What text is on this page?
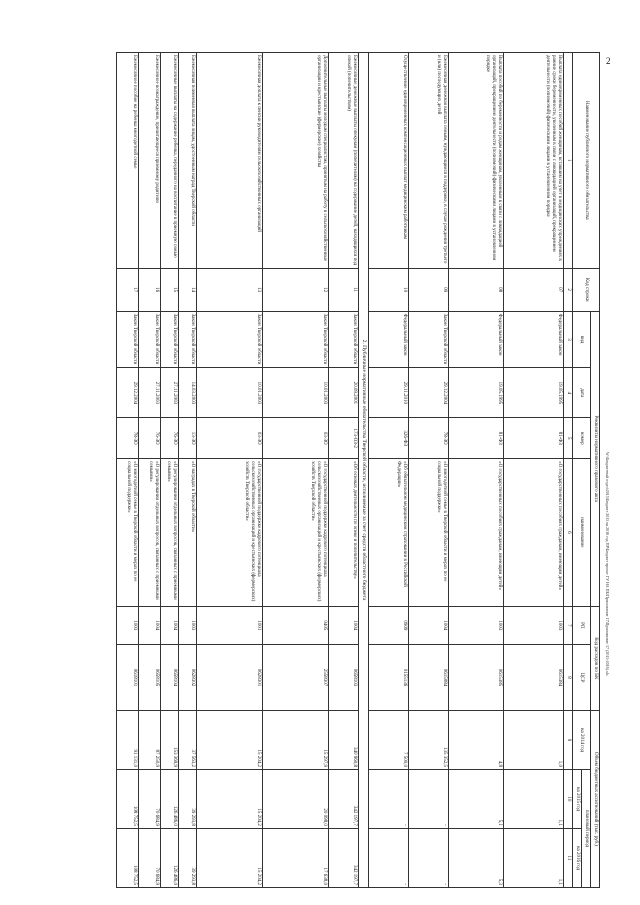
2
W:\Бюджетный отдел\2015\Бюджет 2015 на 2016 год ПР\Бюджет проект ГУ НА ПБ\Приложение 17\Приложение 17 (2015-2016).xls
Наименование публичного нормативного обязательства	Код строки	Реквизиты нормативного правового акта				Код расходов по БК		Объем бюджетных ассигнований (тыс. руб.)		
		вид	дата	номер	наименование	РП	ЦСР	на 2014 год	плановый период	
									на 2015 год	на 2016 год
1	2	3	4	5	6	7	8	9	10	11
Выплата единовременных пособий женщинам, вставшим на учет в медицинских учреждениях в ранние сроки беременности, уволенным в связи с ликвидацией организаций, прекращением деятельности (полномочий) физическими лицами в установленном порядке	07	Федеральный закон	19.05.1995	81-ФЗ	«О государственных пособиях гражданам, имеющим детей»	1003	0615384	1,0	1,1	1,1
Выплата пособий по беременности и родам женщинам, уволенным в связи с ликвидацией организаций, прекращением деятельности (полномочий) физическими лицами в установленном порядке	08	Федеральный закон	19.05.1995	81-ФЗ	«О государственных пособиях гражданам, имеющим детей»	1003	0615385	4,8	5,1	5,3
Ежемесячная денежная выплата семьям, нуждающимся в поддержке, в случае рождения третьего и (или) последующих детей	09	Закон Тверской области	29.12.2004	78-ЗО	«О многодетной семье в Тверской области и мерах по ее социальной поддержке»	1004	0615084	135 352,5	-	-
Осуществление единовременных компенсационных выплат медицинским работникам	10	Федеральный закон	29.11.2010	326-ФЗ	«Об обязательном медицинском страховании в Российской Федерации»	0909	0155136	7 500,0	-	-
2. Публичные нормативные обязательства Тверской области, исполняемые за счет средств областного бюджета										
Ежемесячные денежные выплаты опекунам (попечителям) на содержание детей, находящихся под опекой (попечительством)	11	Закон Тверской области	20.09.2001	173-ОЗ-2	«Об основах деятельности по опеке и попечительству»	1004	0658103	340 960,8	342 197,7	342 197,7
Дополнительные выплаты молодым специалистам, принятым на работу в сельскохозяйственные организации и крестьянские (фермерские) хозяйства	12	Закон Тверской области	10.01.2003	03-ЗО	«О государственной поддержке кадрового потенциала сельскохозяйственных организаций и крестьянских (фермерских) хозяйств Тверской области»	0405	2558307	15 297,9	20 098,0	17 638,0
Ежемесячная доплата к пенсии руководителям сельскохозяйственных организаций	13	Закон Тверской области	10.01.2003	03-ЗО	«О государственной поддержке кадрового потенциала сельскохозяйственных организаций и крестьянских (фермерских) хозяйств Тверской области»	1001	0628301	15 204,2	15 204,2	15 204,2
Ежемесячная поименная выплата лицам, удостоенным наград Тверской области	14	Закон Тверской области	14.03.2003	13-ЗО	«О наградах в Тверской области»	1003	0628302	37 563,2	39 293,8	39 293,8
Ежемесячные выплаты на содержание ребенка, переданного на воспитание в приемную семью	15	Закон Тверской области	27.11.2003	76-ЗО	«О регулировании отдельных вопросов, связанных с приемными семьями»	1004	0658104	153 369,9	126 486,0	126 486,0
Ежемесячное вознаграждение, причитающееся приемному родителю	16	Закон Тверской области	27.11.2003	76-ЗО	«О регулировании отдельных вопросов, связанных с приемными семьями»	1004	0658105	87 250,9	70 684,9	70 684,9
Ежемесячное пособие на ребенка многодетной семье	17	Закон Тверской области	29.12.2004	78-ЗО	«О многодетной семье в Тверской области и мерах по ее социальной поддержке»	1003	0618101	91 131,0	108 752,5	108 752,5
